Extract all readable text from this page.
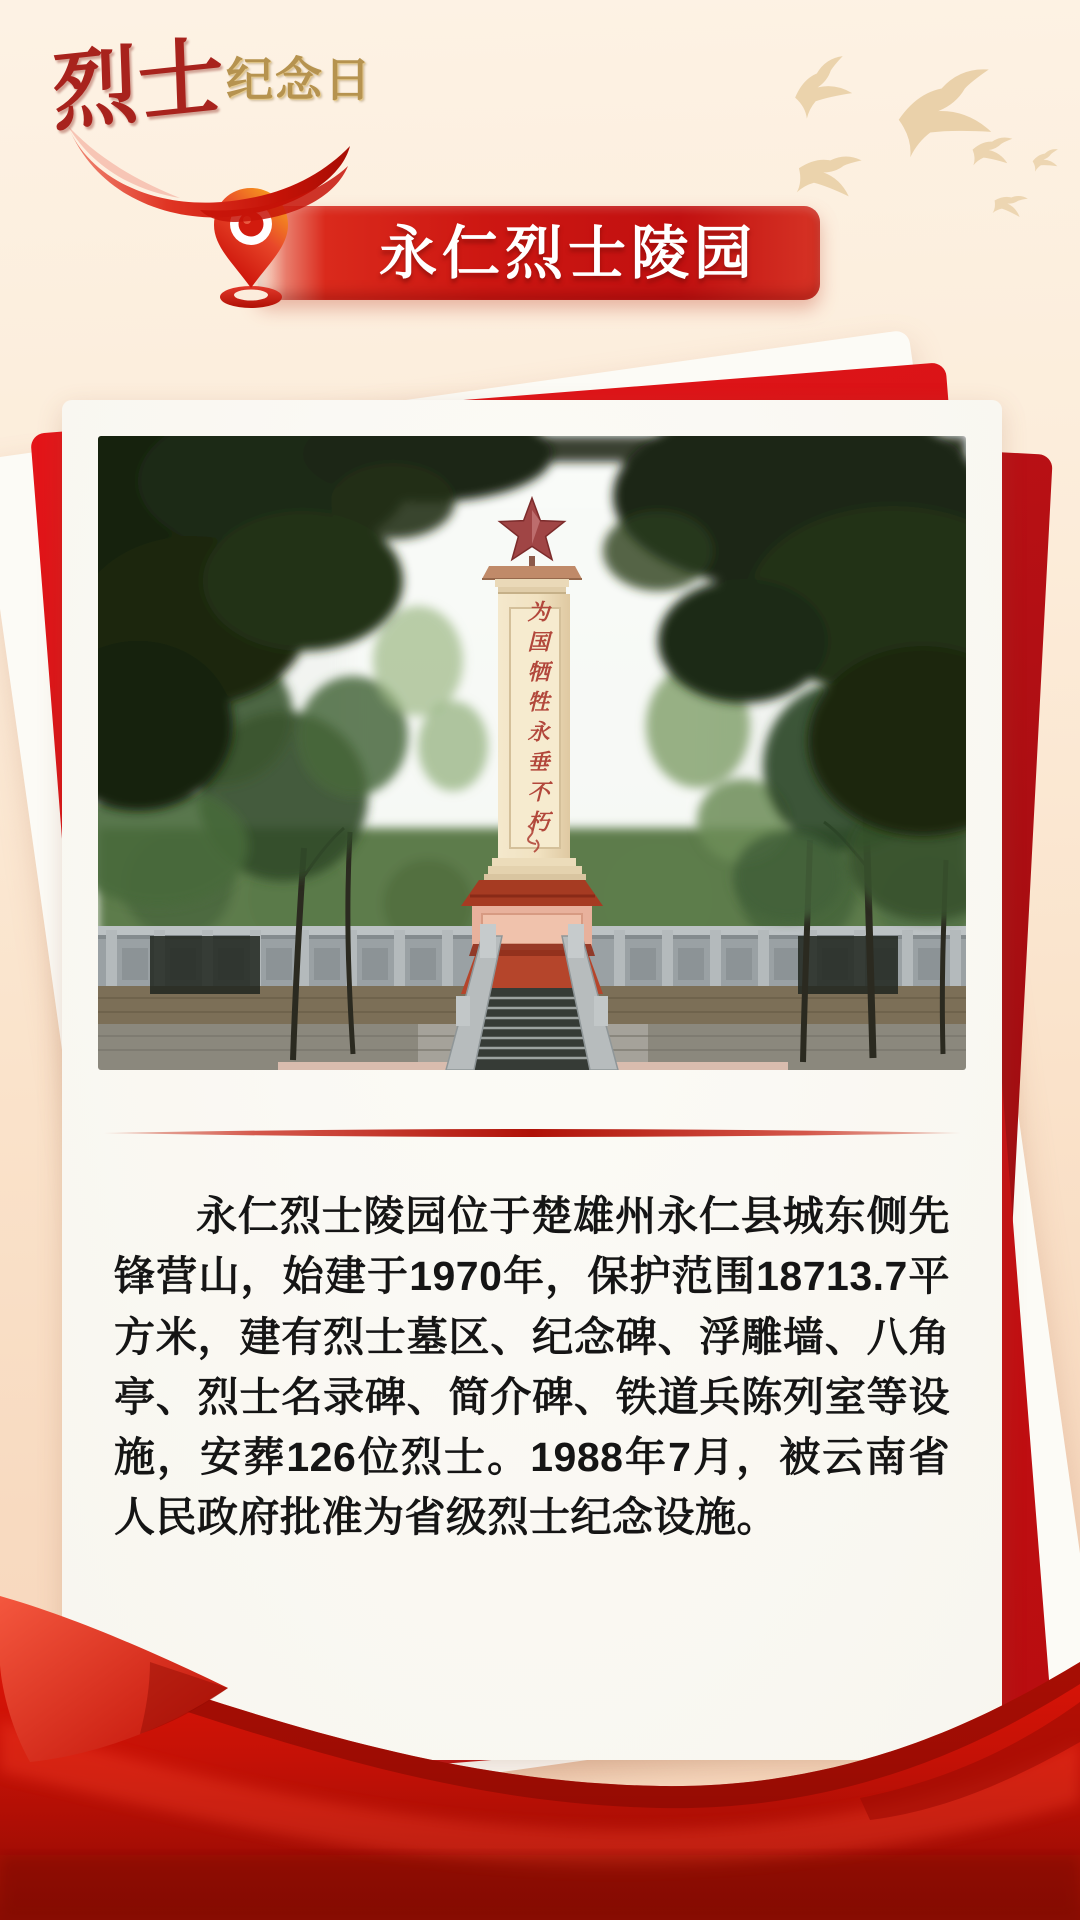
烈士纪念日
永仁烈士陵园
为国牺牲永垂不朽

永仁烈士陵园位于楚雄州永仁县城东侧先锋营山，始建于1970年，保护范围18713.7平方米，建有烈士墓区、纪念碑、浮雕墙、八角亭、烈士名录碑、简介碑、铁道兵陈列室等设施，安葬126位烈士。1988年7月，被云南省人民政府批准为省级烈士纪念设施。
